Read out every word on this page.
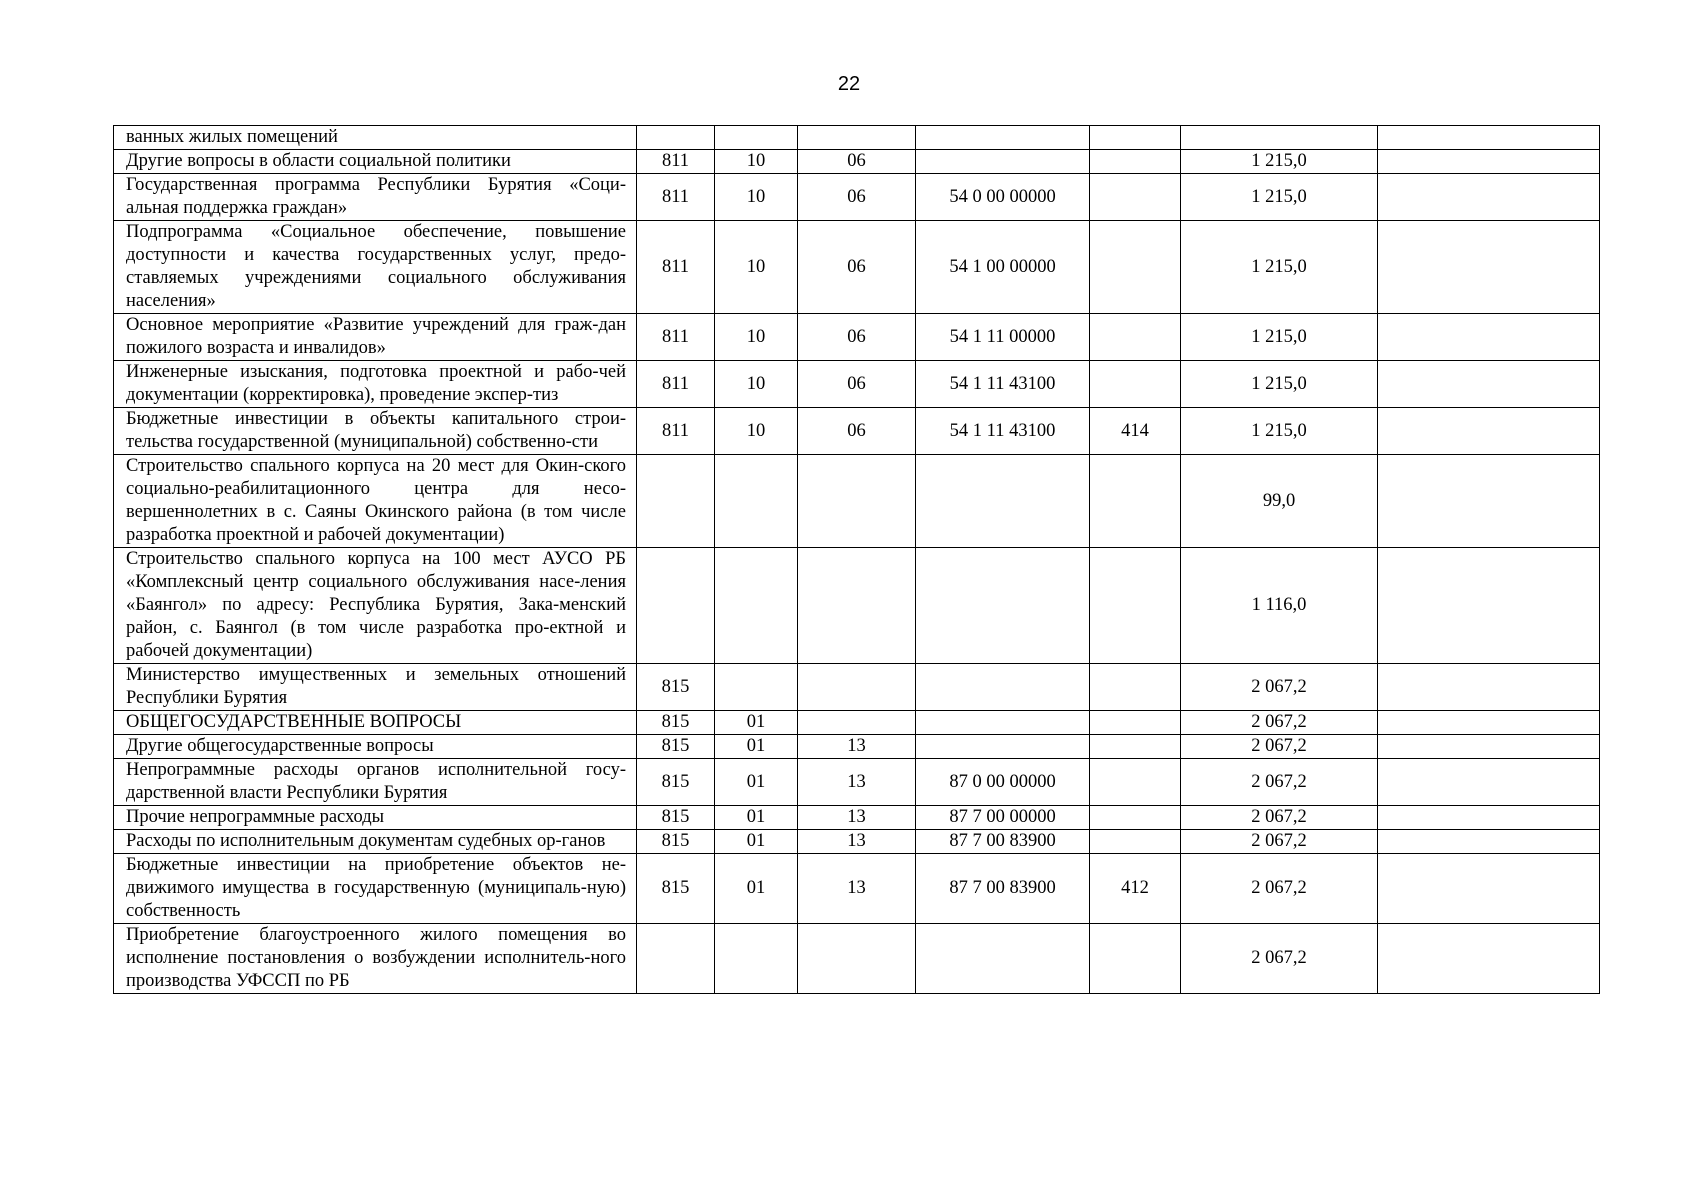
22
ванных жилых помещений							
Другие вопросы в области социальной политики	811	10	06			1 215,0	
Государственная программа Республики Бурятия «Соци-альная поддержка граждан»	811	10	06	54 0 00 00000		1 215,0	
Подпрограмма «Социальное обеспечение, повышение доступности и качества государственных услуг, предо-ставляемых учреждениями социального обслуживания населения»	811	10	06	54 1 00 00000		1 215,0	
Основное мероприятие «Развитие учреждений для граж-дан пожилого возраста и инвалидов»	811	10	06	54 1 11 00000		1 215,0	
Инженерные изыскания, подготовка проектной и рабо-чей документации (корректировка), проведение экспер-тиз	811	10	06	54 1 11 43100		1 215,0	
Бюджетные инвестиции в объекты капитального строи-тельства государственной (муниципальной) собственно-сти	811	10	06	54 1 11 43100	414	1 215,0	
Строительство спального корпуса на 20 мест для Окин-ского социально-реабилитационного центра для несо-вершеннолетних в с. Саяны Окинского района (в том числе разработка проектной и рабочей документации)						99,0	
Строительство спального корпуса на 100 мест АУСО РБ «Комплексный центр социального обслуживания насе-ления «Баянгол» по адресу: Республика Бурятия, Зака-менский район, с. Баянгол (в том числе разработка про-ектной и рабочей документации)						1 116,0	
Министерство имущественных и земельных отношений Республики Бурятия	815					2 067,2	
ОБЩЕГОСУДАРСТВЕННЫЕ ВОПРОСЫ	815	01				2 067,2	
Другие общегосударственные вопросы	815	01	13			2 067,2	
Непрограммные расходы органов исполнительной госу-дарственной власти Республики Бурятия	815	01	13	87 0 00 00000		2 067,2	
Прочие непрограммные расходы	815	01	13	87 7 00 00000		2 067,2	
Расходы по исполнительным документам судебных ор-ганов	815	01	13	87 7 00 83900		2 067,2	
Бюджетные инвестиции на приобретение объектов не-движимого имущества в государственную (муниципаль-ную) собственность	815	01	13	87 7 00 83900	412	2 067,2	
Приобретение благоустроенного жилого помещения во исполнение постановления о возбуждении исполнитель-ного производства УФССП по РБ						2 067,2	
